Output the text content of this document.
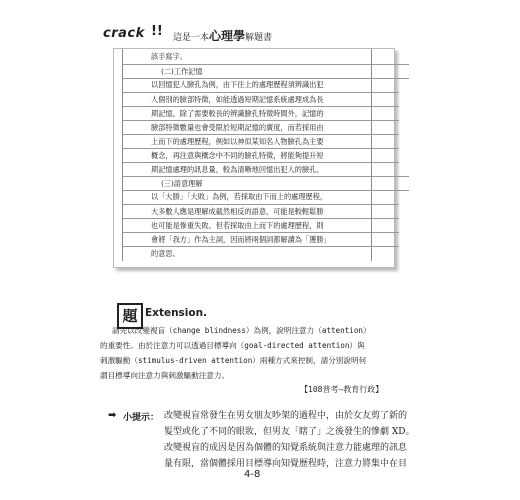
crack !! 這是一本心理學解題書
該手寫字。
(二)工作記憶
以回憶犯人臉孔為例，由下往上的處理歷程須辨識出犯
人個別的臉部特徵，如能透過短期記憶系統處理成為長
期記憶，除了需要較長的辨識臉孔特徵時間外，記憶的
臉部特徵數量也會受限於短期記憶的廣度，而若採用由
上而下的處理歷程，例如以神似某知名人物臉孔為主要
概念，再注意與概念中不同的臉孔特徵，將能夠提升短
期記憶處理的訊息量，較為清晰地回憶出犯人的臉孔。
(三)語意理解
以「大勝」「大敗」為例，若採取由下而上的處理歷程，
大多數人應是理解成截然相反的語意，可能是較輕鬆勝
也可能是慘重失敗。但若採取由上而下的處理歷程，則
會將「我方」作為主詞，因而將兩個詞都解讀為「獲勝」
的意思。
題 Extension.
請先以改變視盲（change blindness）為例，說明注意力（attention）
的重要性。由於注意力可以透過目標導向（goal-directed attention）與
刺激驅動（stimulus-driven attention）兩種方式來控制，請分別說明何
謂目標導向注意力與刺激驅動注意力。
【108普考—教育行政】
➡ 小提示： 改變視盲常發生在男女朋友吵架的過程中，由於女友剪了新的
髮型或化了不同的眼妝，但男友「瞎了」之後發生的慘劇 XD。
改變視盲的成因是因為個體的知覺系統與注意力能處理的訊息
量有限，當個體採用目標導向知覺歷程時，注意力將集中在目
4-8
